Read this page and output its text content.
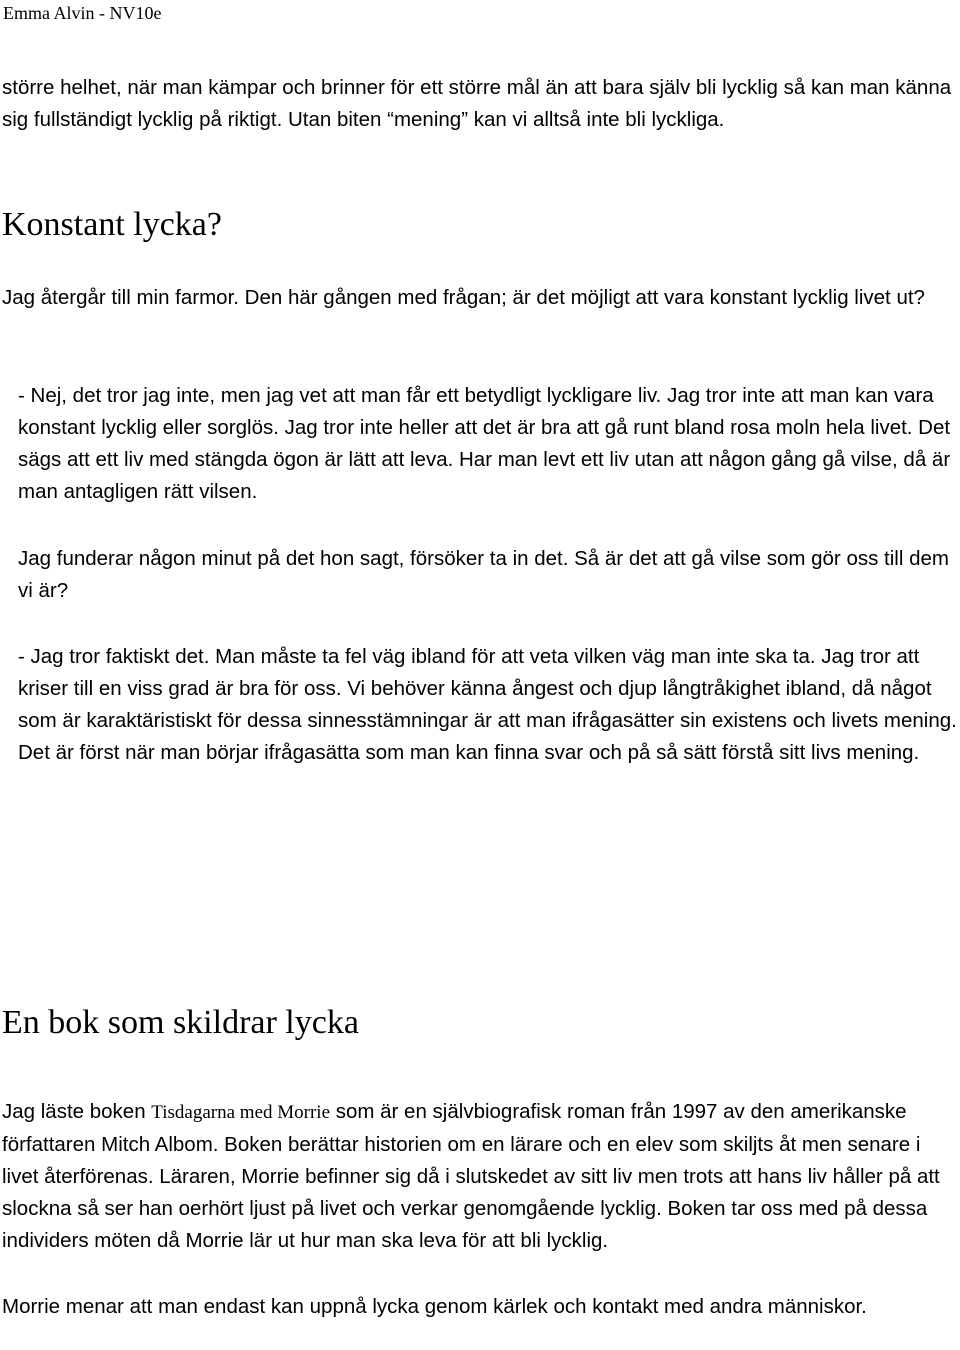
Emma Alvin - NV10e

större helhet, när man kämpar och brinner för ett större mål än att bara själv bli lycklig så kan man känna sig fullständigt lycklig på riktigt. Utan biten “mening” kan vi alltså inte bli lyckliga.

Konstant lycka?

Jag återgår till min farmor. Den här gången med frågan; är det möjligt att vara konstant lycklig livet ut?

- Nej, det tror jag inte, men jag vet att man får ett betydligt lyckligare liv. Jag tror inte att man kan vara konstant lycklig eller sorglös. Jag tror inte heller att det är bra att gå runt bland rosa moln hela livet. Det sägs att ett liv med stängda ögon är lätt att leva. Har man levt ett liv utan att någon gång gå vilse, då är man antagligen rätt vilsen.

Jag funderar någon minut på det hon sagt, försöker ta in det. Så är det att gå vilse som gör oss till dem vi är?

- Jag tror faktiskt det. Man måste ta fel väg ibland för att veta vilken väg man inte ska ta. Jag tror att kriser till en viss grad är bra för oss. Vi behöver känna ångest och djup långtråkighet ibland, då något som är karaktäristiskt för dessa sinnesstämningar är att man ifrågasätter sin existens och livets mening. Det är först när man börjar ifrågasätta som man kan finna svar och på så sätt förstå sitt livs mening.

En bok som skildrar lycka

Jag läste boken Tisdagarna med Morrie som är en självbiografisk roman från 1997 av den amerikanske författaren Mitch Albom. Boken berättar historien om en lärare och en elev som skiljts åt men senare i livet återförenas. Läraren, Morrie befinner sig då i slutskedet av sitt liv men trots att hans liv håller på att slockna så ser han oerhört ljust på livet och verkar genomgående lycklig. Boken tar oss med på dessa individers möten då Morrie lär ut hur man ska leva för att bli lycklig.

Morrie menar att man endast kan uppnå lycka genom kärlek och kontakt med andra människor.
